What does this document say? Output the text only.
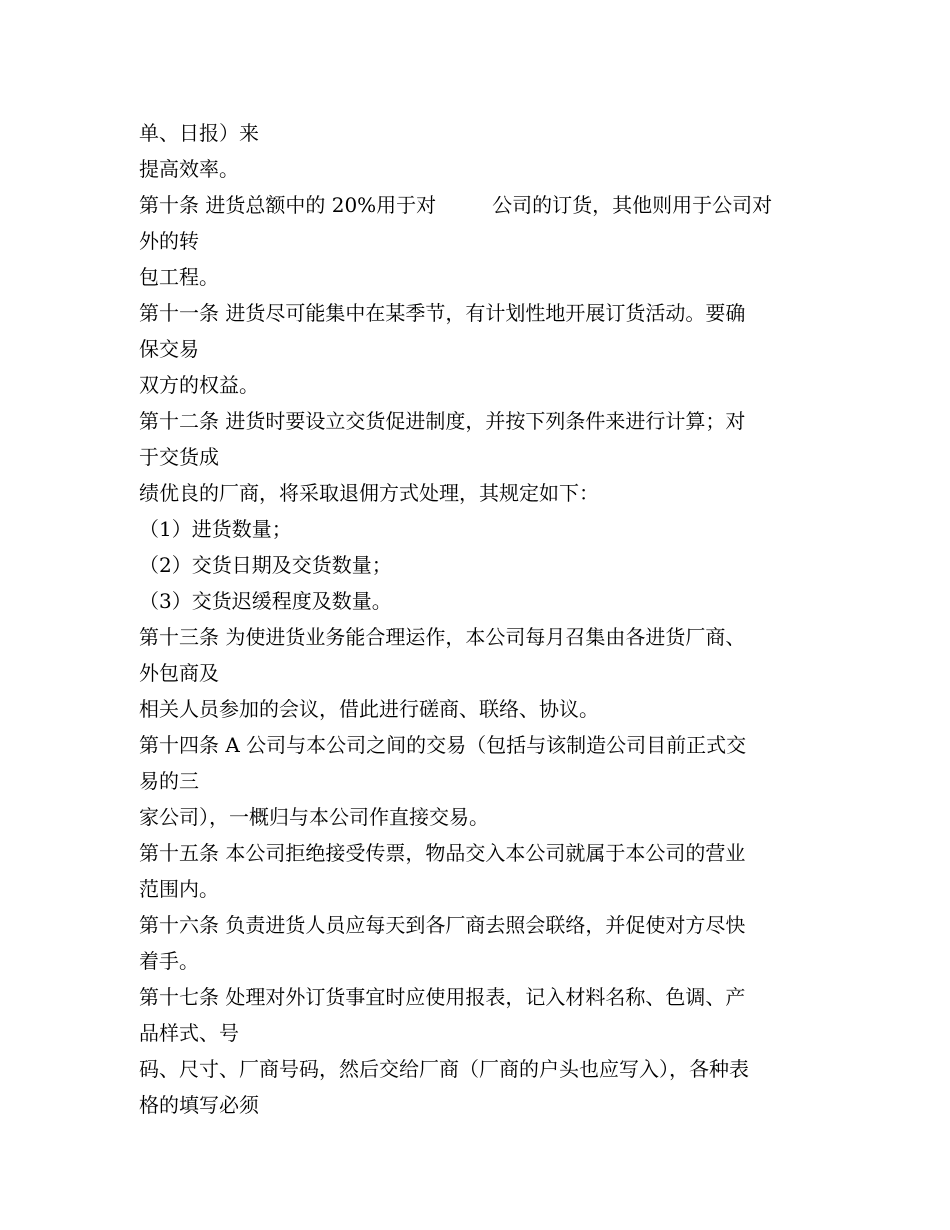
单、日报）来
提高效率。
第十条 进货总额中的 20%用于对	公司的订货，其他则用于公司对
外的转
包工程。
第十一条 进货尽可能集中在某季节，有计划性地开展订货活动。要确
保交易
双方的权益。
第十二条 进货时要设立交货促进制度，并按下列条件来进行计算；对
于交货成
绩优良的厂商，将采取退佣方式处理，其规定如下：
（1）进货数量；
（2）交货日期及交货数量；
（3）交货迟缓程度及数量。
第十三条 为使进货业务能合理运作，本公司每月召集由各进货厂商、
外包商及
相关人员参加的会议，借此进行磋商、联络、协议。
第十四条 A 公司与本公司之间的交易（包括与该制造公司目前正式交
易的三
家公司），一概归与本公司作直接交易。
第十五条 本公司拒绝接受传票，物品交入本公司就属于本公司的营业
范围内。
第十六条 负责进货人员应每天到各厂商去照会联络，并促使对方尽快
着手。
第十七条 处理对外订货事宜时应使用报表，记入材料名称、色调、产
品样式、号
码、尺寸、厂商号码，然后交给厂商（厂商的户头也应写入），各种表
格的填写必须
